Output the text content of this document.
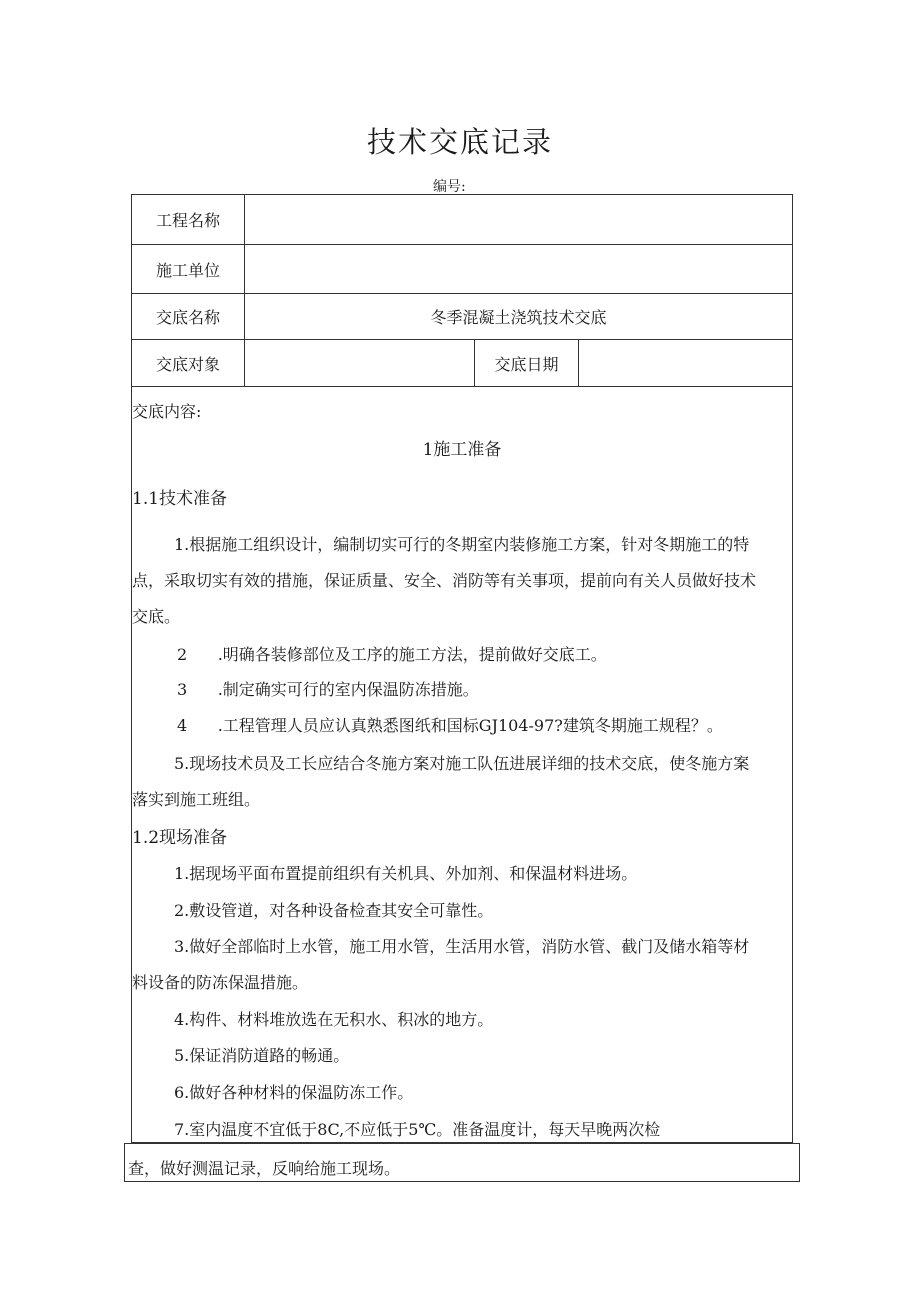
技术交底记录
编号:
工程名称
施工单位
交底名称	冬季混凝土浇筑技术交底
交底对象	交底日期
交底内容:
1施工准备
1.1技术准备
1.根据施工组织设计，编制切实可行的冬期室内装修施工方案，针对冬期施工的特
点，采取切实有效的措施，保证质量、安全、消防等有关事项，提前向有关人员做好技术
交底。
2      .明确各装修部位及工序的施工方法，提前做好交底工。
3      .制定确实可行的室内保温防冻措施。
4      .工程管理人员应认真熟悉图纸和国标GJ104-97?建筑冬期施工规程？。
5.现场技术员及工长应结合冬施方案对施工队伍进展详细的技术交底，使冬施方案
落实到施工班组。
1.2现场准备
1.据现场平面布置提前组织有关机具、外加剂、和保温材料进场。
2.敷设管道，对各种设备检查其安全可靠性。
3.做好全部临时上水管，施工用水管，生活用水管，消防水管、截门及储水箱等材
料设备的防冻保温措施。
4.构件、材料堆放选在无积水、积冰的地方。
5.保证消防道路的畅通。
6.做好各种材料的保温防冻工作。
7.室内温度不宜低于8C,不应低于5℃。准备温度计，每天早晚两次检
查，做好测温记录，反响给施工现场。
